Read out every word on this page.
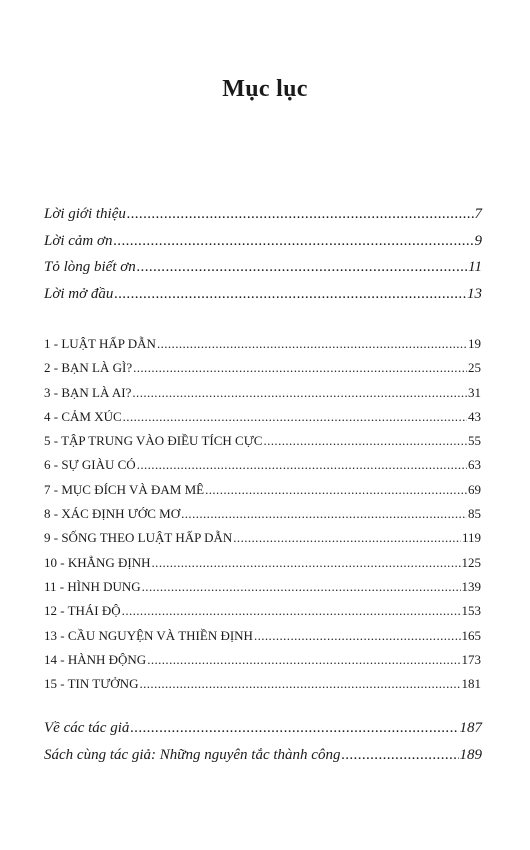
Mục lục
Lời giới thiệu .....	7
Lời cảm ơn .....	9
Tỏ lòng biết ơn .....	11
Lời mở đầu .....	13
1 - LUẬT HẤP DẪN .....	19
2 - BẠN LÀ GÌ? .....	25
3 - BẠN LÀ AI? .....	31
4 - CẢM XÚC .....	43
5 - TẬP TRUNG VÀO ĐIỀU TÍCH CỰC .....	55
6 - SỰ GIÀU CÓ .....	63
7 - MỤC ĐÍCH VÀ ĐAM MÊ .....	69
8 - XÁC ĐỊNH ƯỚC MƠ .....	85
9 - SỐNG THEO LUẬT HẤP DẪN .....	119
10 - KHẲNG ĐỊNH .....	125
11 - HÌNH DUNG .....	139
12 - THÁI ĐỘ .....	153
13 - CẦU NGUYỆN VÀ THIỀN ĐỊNH .....	165
14 - HÀNH ĐỘNG .....	173
15 - TIN TƯỞNG .....	181
Về các tác giả .....	187
Sách cùng tác giả: Những nguyên tắc thành công .....	189
